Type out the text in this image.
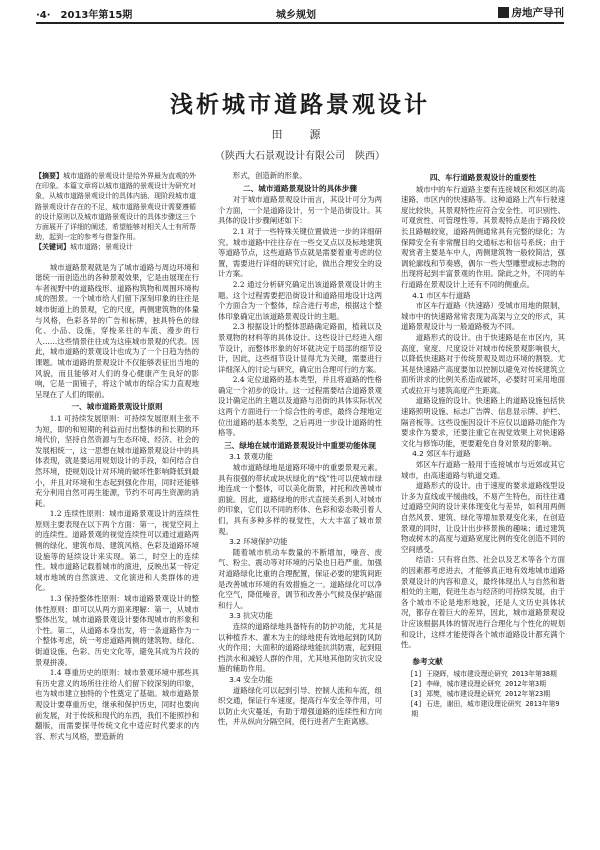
·4·　2013年第15期	城乡规划	房地产导刊
浅析城市道路景观设计
田　源
（陕西大石景观设计有限公司　陕西）

【摘要】城市道路的景观设计是给外界最为直观的外在印象。本篇文章将以城市道路的景观设计为研究对象，从城市道路景观设计的具体内涵、现阶段城市道路景观设计存在的不足，城市道路景观设计需要遵循的设计原则以及城市道路景观设计的具体步骤这三个方面展开了详细的阐述，希望能够对相关人士有所帮助，起到一定的参考与借鉴作用。

【关键词】城市道路；景观设计

城市道路景观就是为了城市道路与周边环境和谐统一而创造出的各种景观效果，它是由展现在行车者视野中的道路线形、道路构筑物和周围环境构成的图景。一个城市给人们留下深刻印象的往往是城市街道上的景观，它的尺度，两侧建筑物的体量与风格，色彩各异的广告和标牌，独具特色的绿化、小品、设施，穿梭来往的车流、漫步的行人……这些情景往往成为这座城市景观的代表。因此，城市道路的景观设计也成为了一个日趋为热的课题。城市道路的景观设计不仅能够表征出当地的风貌，而且能够对人们的身心健康产生良好的影响，它是一面镜子，将这个城市的综合实力直观地呈现在了人们的眼前。

一、城市道路景观设计原则

1.1 可持续发展原则：可持续发展原则主张不为短，即的和短期的利益而付出整体的和长期的环境代价，坚持自然资源与生态环境、经济、社会的发展相统一，这一思想在城市道路景观设计中的具体表现，就是要运用规划设计的手段，如何结合自然环境，使规划设计对环境的破坏性影响降低到最小，并且对环境和生态起到强化作用，同时还能够充分利用自然可再生能源，节约不可再生资源的消耗。

1.2 连续性原则：城市道路景观设计的连续性原则主要表现在以下两个方面：第一，视觉空间上的连续性。道路景观的视觉连续性可以通过道路两侧的绿化、建筑布局、建筑风格、色彩及道路环境设施等的延续设计来实现。第二，时空上的连续性。城市道路记载着城市的演进，反映出某一特定城市地域的自然演进、文化演进和人类群体的进化。

1.3 保持整体性原则：城市道路景观设计的整体性原则：即可以从两方面来理解：第一，从城市整体出发，城市道路景观设计要体现城市的形象和个性。第二，从道路本身出发，将一条道路作为一个整体考虑，统一考虑道路两侧的建筑物、绿化、街道设施、色彩、历史文化等，避免其成为片段的景观拼凑。

1.4 尊重历史的原则：城市景观环境中那些具有历史意义的场所往往给人们留下较深刻的印象，也为城市建立独特的个性奠定了基础。城市道路景观设计要尊重历史，继承和保护历史，同时也要向前发展，对于传统和现代的东西，我们不能照抄和翻版，而需要探寻传统文化中适应时代要求的内容、形式与风格，塑造新的

形式，创造新的形象。

二、城市道路景观设计的具体步骤

对于城市道路景观设计而言，其设计可分为两个方面，一个是道路设计，另一个是沿街设计。其具体的设计步骤阐述如下：

2.1 对于一些特殊关键位置做进一步的详细研究。城市道路中往往存在一些交叉点以及标地建筑等道路节点，这些道路节点就是需要着重考虑的位置，需要进行详细的研究讨论，做出合理安全的设计方案。

2.2 通过分析研究确定出该道路景观设计的主题。这个过程需要把沿街设计和道路用地设计这两个方面合为一个整体，综合进行考虑，根据这个整体印象确定出该道路景观设计的主题。

2.3 根据设计的整体思路确定路面，植栽以及景观物的材料等的具体设计。这些设计已经进入细节设计，而整体形象的好坏就决定于局部的细节设计，因此，这些细节设计显得尤为关键，需要进行详细深入的讨论与研究，确定出合理可行的方案。

2.4 定位道路的基本类型，并且将道路的性格确定一个初步的设计。这一过程需要结合道路景观设计确定出的主题以及道路与沿街的具体实际状况这两个方面进行一个综合性的考虑，最终合理地定位出道路的基本类型，之后再进一步设计道路的性格等。

三、绿地在城市道路景观设计中重要功能体现
3.1 景观功能

城市道路绿地是道路环境中的重要景观元素。具有很强的带状或块状绿化的“线”性可以使城市绿地连成一个整体，可以美化街景，衬托和改善城市面貌。因此，道路绿地的形式直接关系到人对城市的印象，它们以不同的形体、色彩和姿态吸引着人们，具有多种多样的视觉性，大大丰富了城市景观。

3.2 环境保护功能

随着城市机动车数量的不断增加，噪音、废气、粉尘、震动等对环境的污染也日趋严重。加强对道路绿化比重的合理配置，保证必要的建筑间距是改善城市环境的有效措施之一。道路绿化可以净化空气，降低噪音，调节和改善小气候及保护路面和行人。

3.3 抗灾功能

连续的道路绿地具备特有的防护功能，尤其是以种植乔木、灌木为主的绿地使有效地起到防风防火的作用；大面积的道路绿地能抗洪防震，起到阻挡洪水和减轻人群的作用，尤其地其他防灾抗灾设施的辅助作用。

3.4 安全功能

道路绿化可以起到引导、控制人流和车流，组织交通，保证行车速度，提高行车安全等作用，可以防止火灾蔓延，有助于增强道路的连续性和方向性，并从纵向分隔空间，使行进者产生距离感。

四、车行道路景观设计的重要性

城市中的车行道路主要有连接城区和郊区的高速路、市区内的快速路等。这种道路上汽车行驶速度比较快，其景观特性应符合安全性、可识别性、可观赏性、可管理性等。其景观特点是由于路段较长且路幅较宽，道路两侧通常具有完整的绿化；为保障安全有非常醒目的交通标志和信号系统；由于观赏者主要是车中人，两侧建筑物一般较简洁，强调轮廓线和节奏感，偶尔一些大型雕塑或标志物的出现将起到丰富景观的作用。除此之外，不同的车行道路在景观设计上还有不同的侧重点。

4.1 市区车行道路

市区车行道路（快速路）受城市用地的限制，城市中的快速路常常表现为高架与立交的形式，其道路景观设计与一般道路极为不同。

道路形式的设计。由于快速路是在市区内，其高度、宽度、尺度设计对城市传统景观影响很大，以降低快速路对于传统景观及周边环境的割裂。尤其是快速路产高度要加以控制以避免对传统建筑立面所讲求的比例关系造成破坏，必要时可采用地面式或拉开与建筑高度产生距离。

道路设施的设计。快速路上的道路设施包括快速路照明设施、标志广告牌、信息显示牌、护栏、隔音板等。这些设施因设计不应仅以道路功能作为要求作为要求，还要注重它在视觉效果上对快速路文化与修饰功能，更要避免自身对景观的影响。

4.2 郊区车行道路

郊区车行道路一般用于连接城市与近郊或其它城市，由高速道路与轨道交通。

道路形式的设计。由于速度的要求道路线型设计多为直线或平缓曲线，不易产生特色，而往往通过道路空间的设计来体现变化与差异，如利用两侧自然风景、建筑、绿化等增加景观变化来，在创造景观的同时，让设计出步移景换的趣味；通过建筑物或树木的高度与道路宽度比例的变化创造不同的空间感受。

结语：只有将自然、社会以及艺术等各个方面的因素都考虑进去，才能够真正地有效地城市道路景观设计的内容和意义，最终体现出人与自然和谐相处的主题，促进生态与经济的可持续发展，由于各个城市不论是地形地貌，还是人文历史具体状况，都存在着巨大的差异，因此，城市道路景观设计应该根据具体的情况进行合理化与个性化的规划和设计，这样才能使得各个城市道路设计都充满个性。

参考文献

[1] 王晓晖，城市建设理论研究 2013年第38期

[2] 李峰，城市建设理论研究 2012年第3期

[3] 郑樊，城市建设理论研究 2012年第23期

[4] 石进，谢田，城市建设理论研究 2013年第9期
